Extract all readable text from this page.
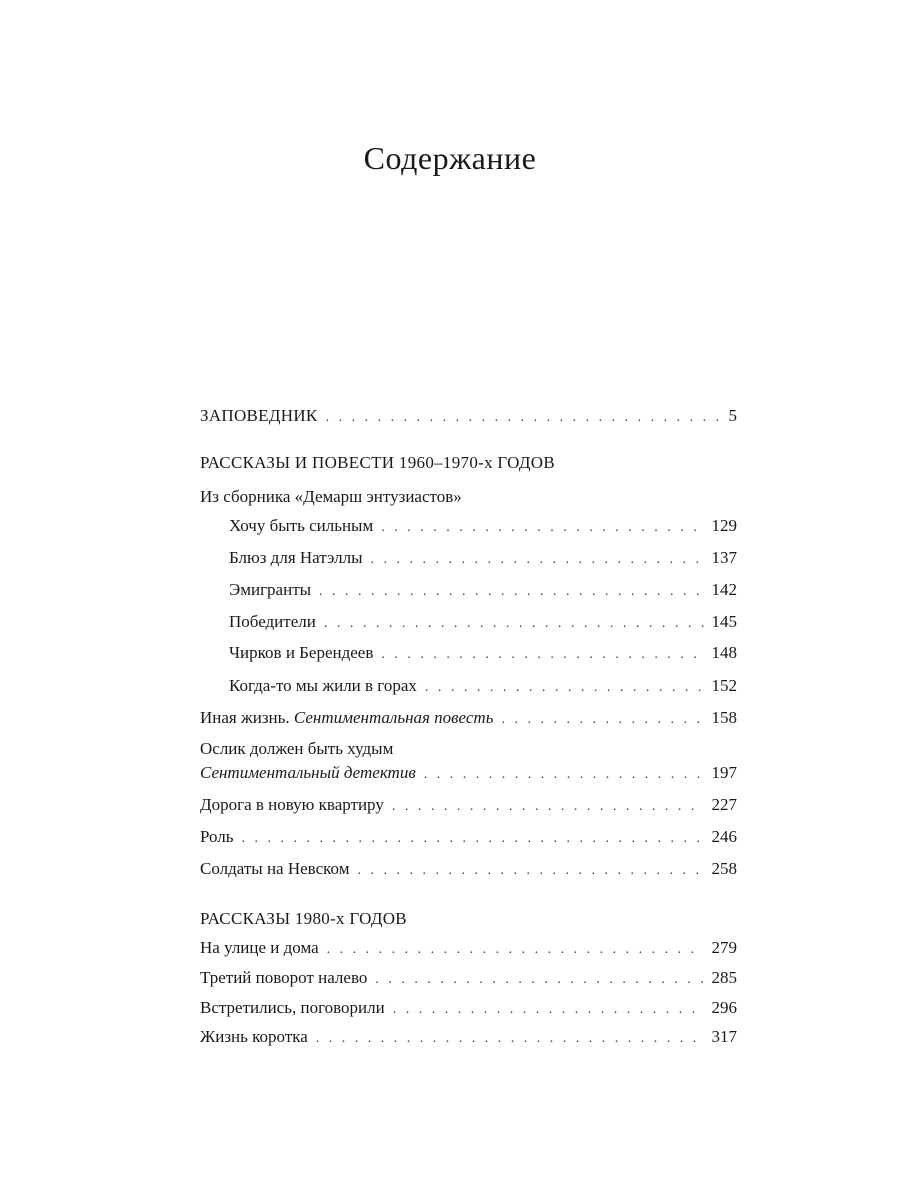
Содержание
ЗАПОВЕДНИК . . .	5
РАССКАЗЫ И ПОВЕСТИ 1960–1970-х ГОДОВ
Из сборника «Демарш энтузиастов»
Хочу быть сильным . . .	129
Блюз для Натэллы . . .	137
Эмигранты . . .	142
Победители . . .	145
Чирков и Берендеев . . .	148
Когда-то мы жили в горах . . .	152
Иная жизнь. Сентиментальная повесть . . .	158
Ослик должен быть худым
Сентиментальный детектив . . .	197
Дорога в новую квартиру . . .	227
Роль . . .	246
Солдаты на Невском . . .	258
РАССКАЗЫ 1980-х ГОДОВ
На улице и дома . . .	279
Третий поворот налево . . .	285
Встретились, поговорили . . .	296
Жизнь коротка . . .	317
